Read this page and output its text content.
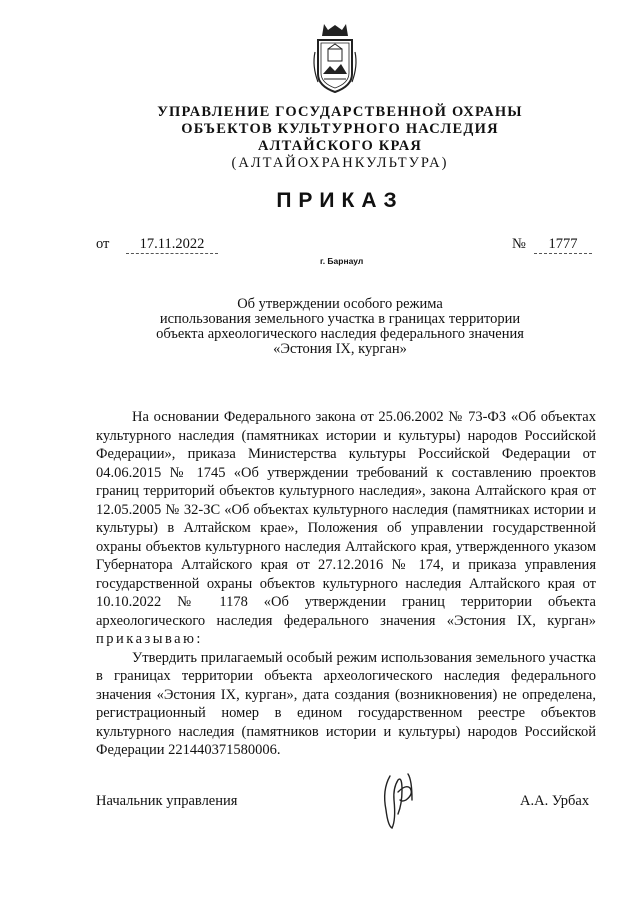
УПРАВЛЕНИЕ ГОСУДАРСТВЕННОЙ ОХРАНЫ
ОБЪЕКТОВ КУЛЬТУРНОГО НАСЛЕДИЯ
АЛТАЙСКОГО КРАЯ
(АЛТАЙОХРАНКУЛЬТУРА)
ПРИКАЗ
от	17.11.2022	№	1777
г. Барнаул
Об утверждении особого режима
использования земельного участка в границах территории
объекта археологического наследия федерального значения
«Эстония IX, курган»

На основании Федерального закона от 25.06.2002 № 73-ФЗ «Об объектах культурного наследия (памятниках истории и культуры) народов Российской Федерации», приказа Министерства культуры Российской Федерации от 04.06.2015 № 1745 «Об утверждении требований к составлению проектов границ территорий объектов культурного наследия», закона Алтайского края от 12.05.2005 № 32-ЗС «Об объектах культурного наследия (памятниках истории и культуры) в Алтайском крае», Положения об управлении государственной охраны объектов культурного наследия Алтайского края, утвержденного указом Губернатора Алтайского края от 27.12.2016 № 174, и приказа управления государственной охраны объектов культурного наследия Алтайского края от 10.10.2022 № 1178 «Об утверждении границ территории объекта археологического наследия федерального значения «Эстония IX, курган» приказываю:

Утвердить прилагаемый особый режим использования земельного участка в границах территории объекта археологического наследия федерального значения «Эстония IX, курган», дата создания (возникновения) не определена, регистрационный номер в едином государственном реестре объектов культурного наследия (памятников истории и культуры) народов Российской Федерации 221440371580006.

Начальник управления	А.А. Урбах
